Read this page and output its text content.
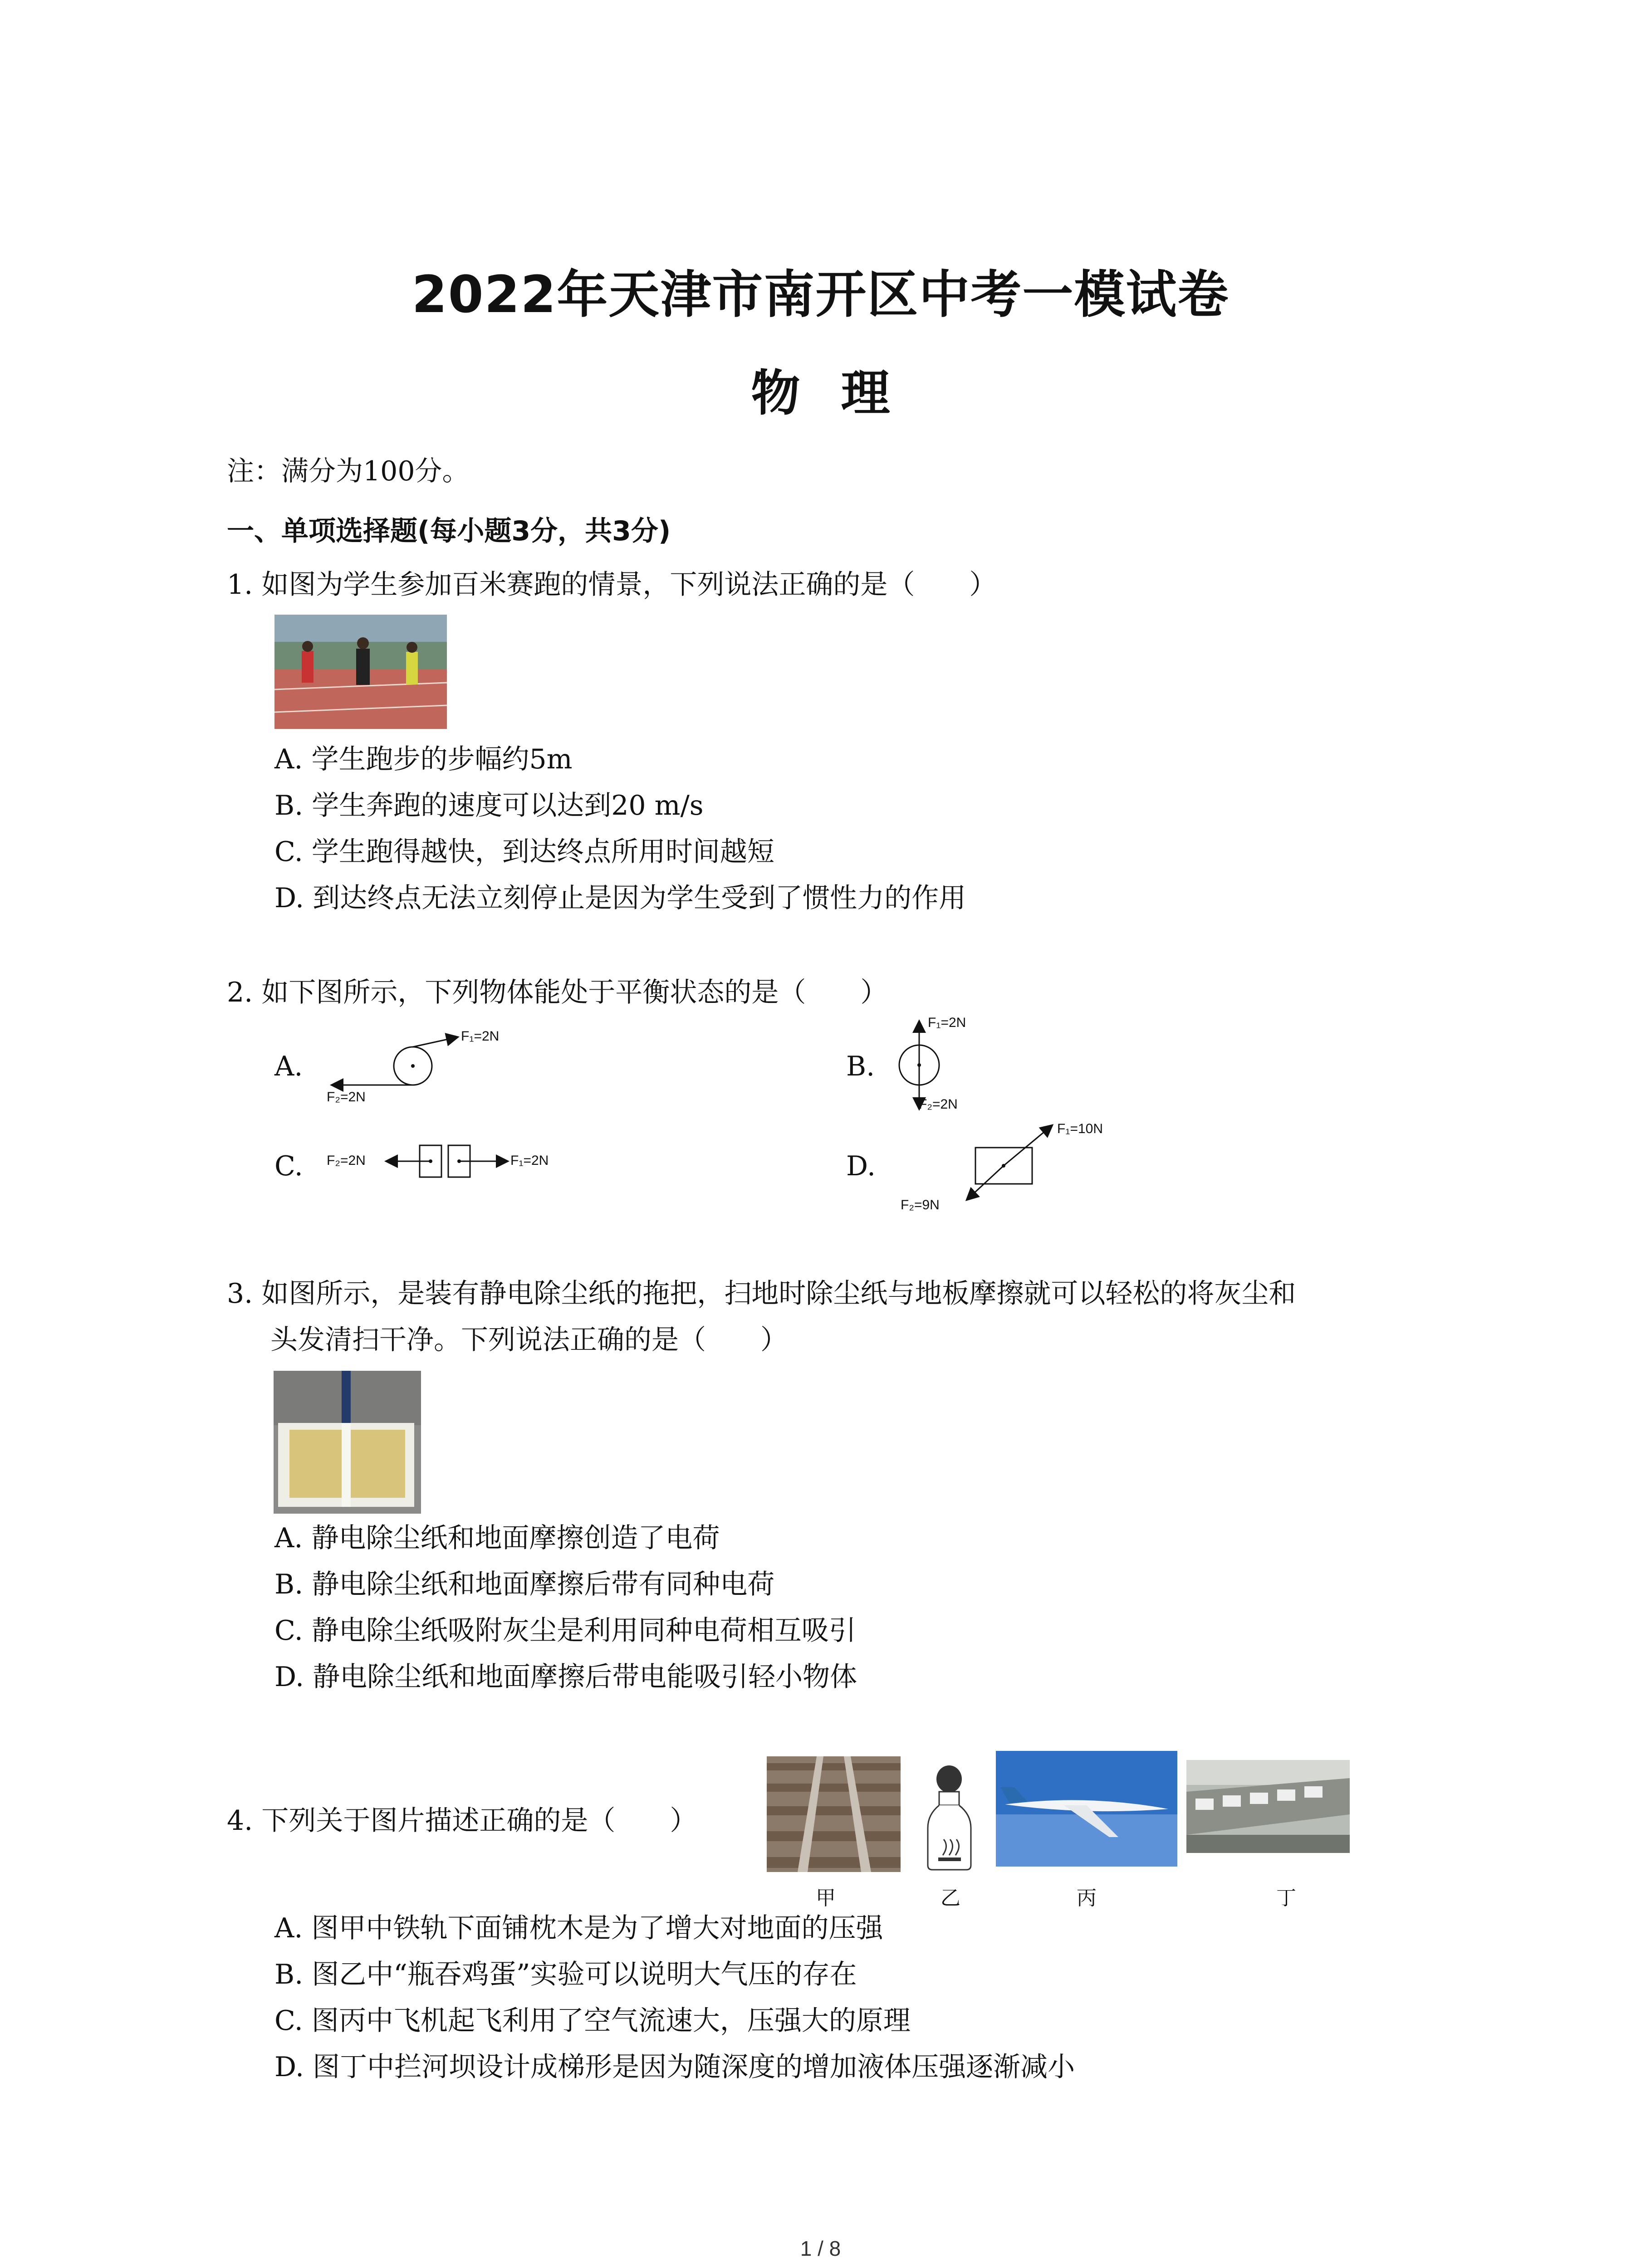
2022年天津市南开区中考一模试卷
物理
注：满分为100分。
一、单项选择题(每小题3分，共3分)
1. 如图为学生参加百米赛跑的情景，下列说法正确的是（　　）
A. 学生跑步的步幅约5m
B. 学生奔跑的速度可以达到20 m/s
C. 学生跑得越快，到达终点所用时间越短
D. 到达终点无法立刻停止是因为学生受到了惯性力的作用
2. 如下图所示，下列物体能处于平衡状态的是（　　）
A.
F₁=2N
F₂=2N
B.
F₁=2N
F₂=2N
C. F₂=2N	F₁=2N	D.
F₁=10N
F₂=9N
3. 如图所示，是装有静电除尘纸的拖把，扫地时除尘纸与地板摩擦就可以轻松的将灰尘和
头发清扫干净。下列说法正确的是（　　）
A. 静电除尘纸和地面摩擦创造了电荷
B. 静电除尘纸和地面摩擦后带有同种电荷
C. 静电除尘纸吸附灰尘是利用同种电荷相互吸引
D. 静电除尘纸和地面摩擦后带电能吸引轻小物体
4. 下列关于图片描述正确的是（　　）
甲	乙	丙	丁
A. 图甲中铁轨下面铺枕木是为了增大对地面的压强
B. 图乙中“瓶吞鸡蛋”实验可以说明大气压的存在
C. 图丙中飞机起飞利用了空气流速大，压强大的原理
D. 图丁中拦河坝设计成梯形是因为随深度的增加液体压强逐渐减小
1 / 8
